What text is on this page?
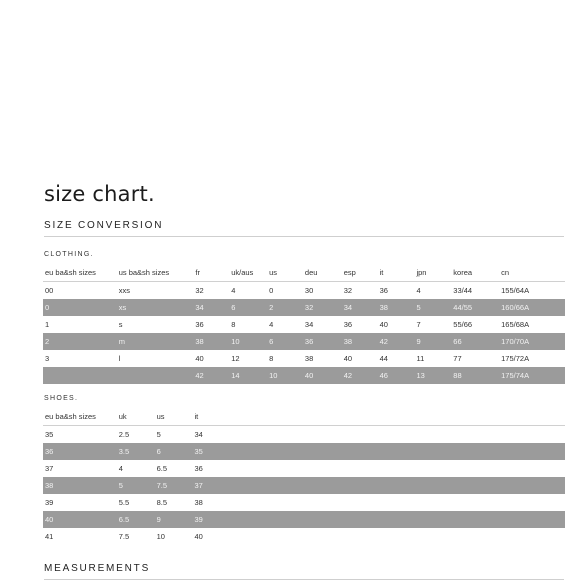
size chart.
SIZE CONVERSION
CLOTHING.
eu ba&sh sizes	us ba&sh sizes	fr	uk/aus	us	deu	esp	it	jpn	korea	cn
00	xxs	32	4	0	30	32	36	4	33/44	155/64A
0	xs	34	6	2	32	34	38	5	44/55	160/66A
1	s	36	8	4	34	36	40	7	55/66	165/68A
2	m	38	10	6	36	38	42	9	66	170/70A
3	l	40	12	8	38	40	44	11	77	175/72A
		42	14	10	40	42	46	13	88	175/74A
SHOES.
eu ba&sh sizes	uk	us	it
35	2.5	5	34
36	3.5	6	35
37	4	6.5	36
38	5	7.5	37
39	5.5	8.5	38
40	6.5	9	39
41	7.5	10	40
MEASUREMENTS
